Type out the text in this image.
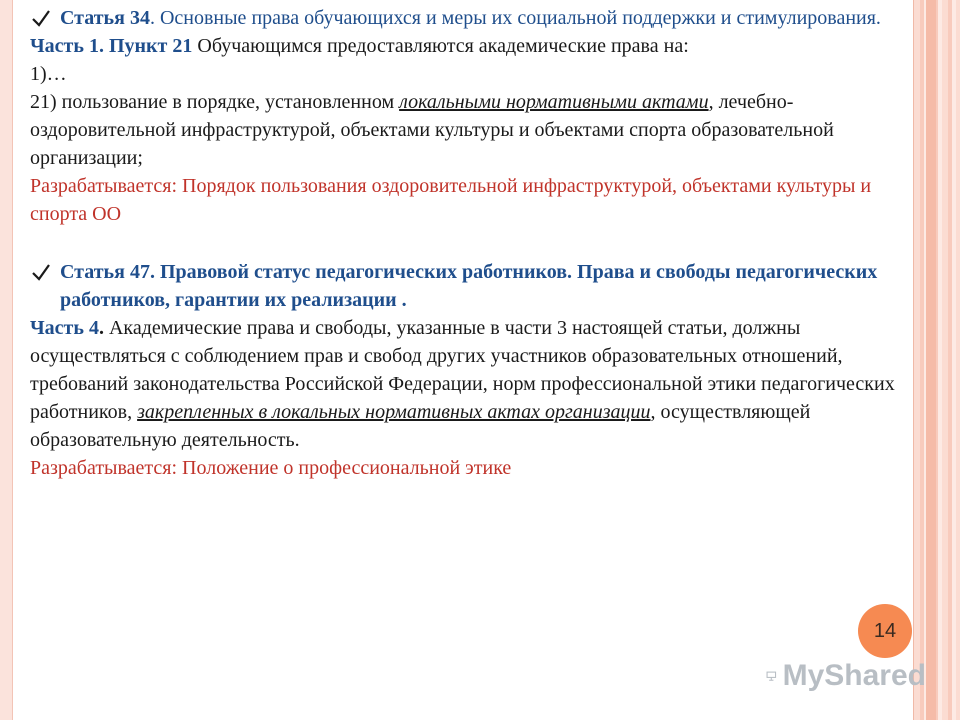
Статья 34. Основные права обучающихся и меры их социальной поддержки и стимулирования.
Часть 1. Пункт 21 Обучающимся предоставляются академические права на:
1)…
21) пользование в порядке, установленном локальными нормативными актами, лечебно-оздоровительной инфраструктурой, объектами культуры и объектами спорта образовательной организации;
Разрабатывается: Порядок пользования оздоровительной инфраструктурой, объектами культуры и спорта ОО
Статья 47. Правовой статус педагогических работников. Права и свободы педагогических работников, гарантии их реализации .
Часть 4. Академические права и свободы, указанные в части 3 настоящей статьи, должны осуществляться с соблюдением прав и свобод других участников образовательных отношений, требований законодательства Российской Федерации, норм профессиональной этики педагогических работников, закрепленных в локальных нормативных актах организации, осуществляющей образовательную деятельность.
Разрабатывается: Положение о профессиональной этике
14
MyShared
